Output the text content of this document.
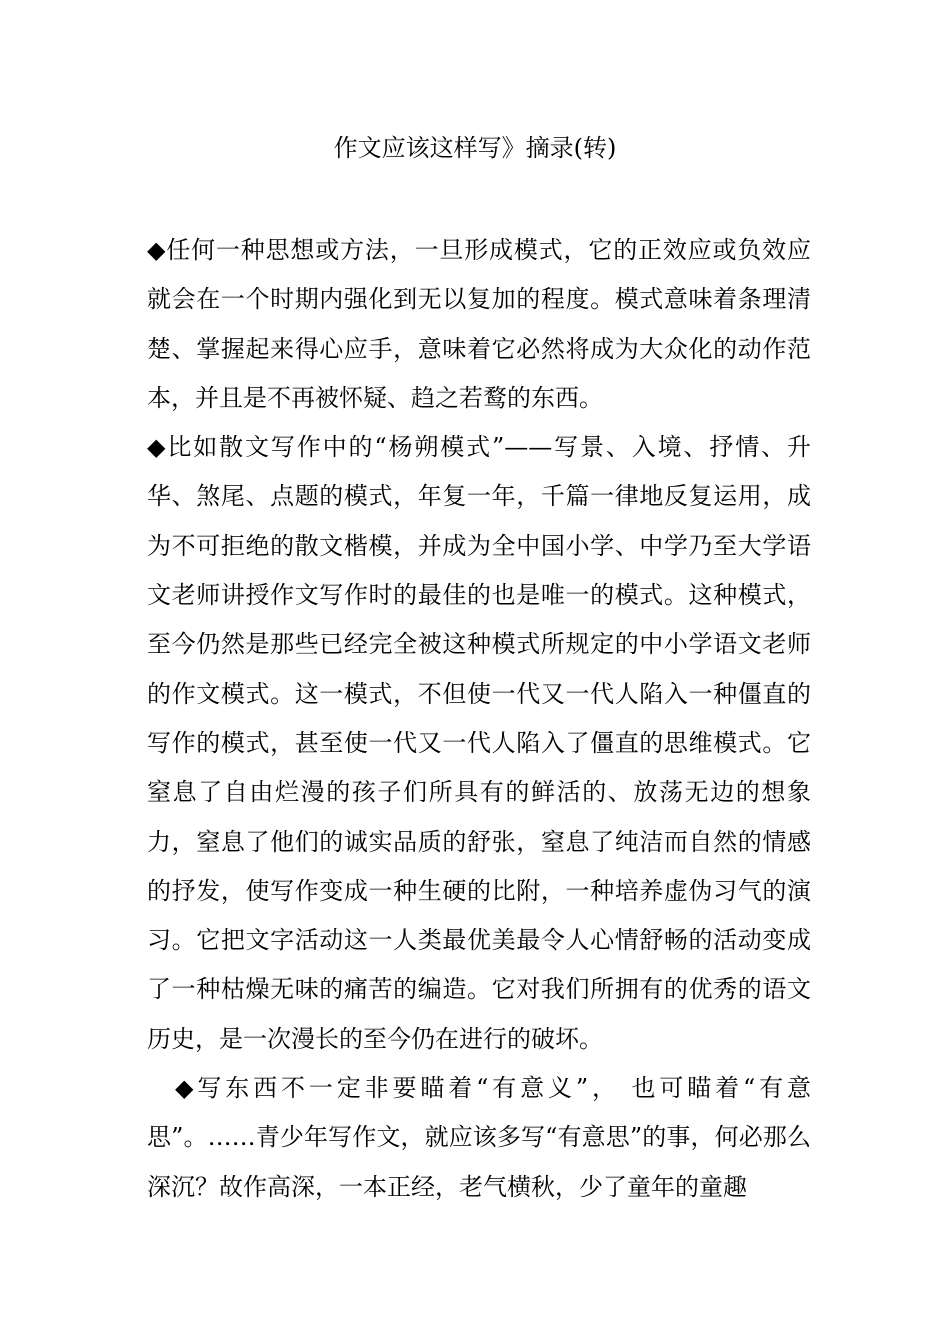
作文应该这样写》摘录(转)

◆任何一种思想或方法，一旦形成模式，它的正效应或负效应就会在一个时期内强化到无以复加的程度。模式意味着条理清楚、掌握起来得心应手，意味着它必然将成为大众化的动作范本，并且是不再被怀疑、趋之若鹜的东西。

◆比如散文写作中的“杨朔模式”——写景、入境、抒情、升华、煞尾、点题的模式，年复一年，千篇一律地反复运用，成为不可拒绝的散文楷模，并成为全中国小学、中学乃至大学语文老师讲授作文写作时的最佳的也是唯一的模式。这种模式，至今仍然是那些已经完全被这种模式所规定的中小学语文老师的作文模式。这一模式，不但使一代又一代人陷入一种僵直的写作的模式，甚至使一代又一代人陷入了僵直的思维模式。它窒息了自由烂漫的孩子们所具有的鲜活的、放荡无边的想象力，窒息了他们的诚实品质的舒张，窒息了纯洁而自然的情感的抒发，使写作变成一种生硬的比附，一种培养虚伪习气的演习。它把文字活动这一人类最优美最令人心情舒畅的活动变成了一种枯燥无味的痛苦的编造。它对我们所拥有的优秀的语文历史，是一次漫长的至今仍在进行的破坏。

◆写东西不一定非要瞄着“有意义”， 也可瞄着“有意思”。……青少年写作文，就应该多写“有意思”的事，何必那么深沉？故作高深，一本正经，老气横秋，少了童年的童趣
